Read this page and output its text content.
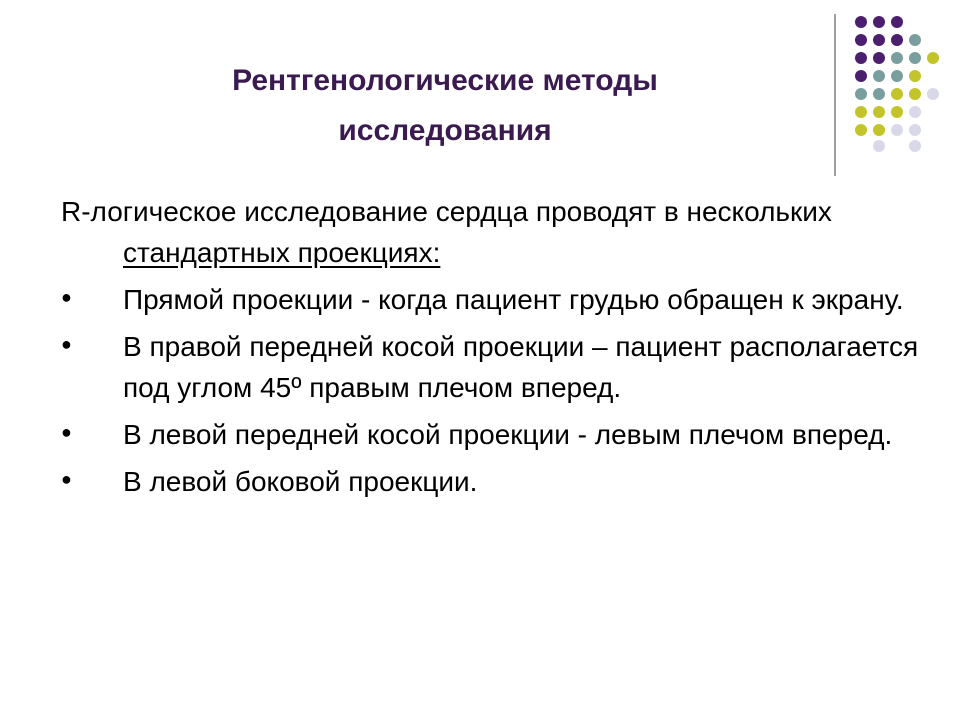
Рентгенологические методы
исследования

R-логическое исследование сердца проводят в нескольких стандартных проекциях:

●	Прямой проекции - когда пациент грудью обращен к экрану.
●	В правой передней косой проекции – пациент располагается под углом 45º правым плечом вперед.
●	В левой передней косой проекции - левым плечом вперед.
●	В левой боковой проекции.
